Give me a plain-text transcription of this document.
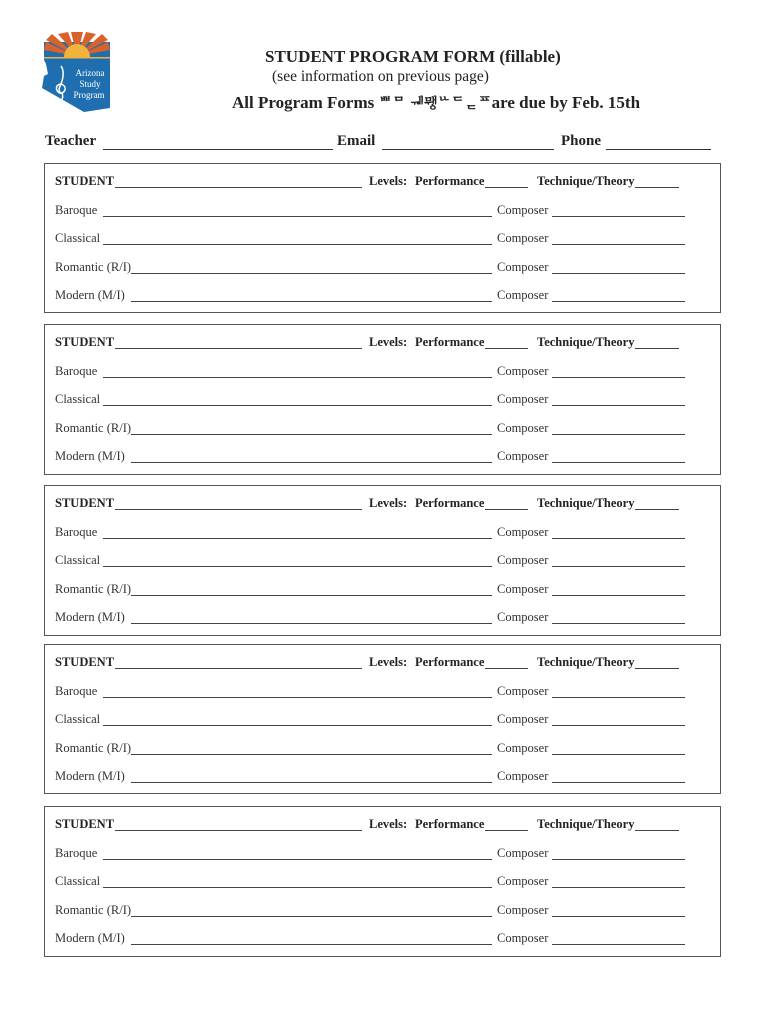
Arizona
Study
Program
STUDENT PROGRAM FORM (fillable)
(see information on previous page)
All Program Forms ᄈᄆ ᆌᄆᆊᇰᄔᄃᆮᄑare due by Feb. 15th
Teacher	Email	Phone
STUDENT	Levels: Performance	Technique/Theory
Baroque	Composer
Classical	Composer
Romantic (R/I)	Composer
Modern (M/I)	Composer
STUDENT	Levels: Performance	Technique/Theory
Baroque	Composer
Classical	Composer
Romantic (R/I)	Composer
Modern (M/I)	Composer
STUDENT	Levels: Performance	Technique/Theory
Baroque	Composer
Classical	Composer
Romantic (R/I)	Composer
Modern (M/I)	Composer
STUDENT	Levels: Performance	Technique/Theory
Baroque	Composer
Classical	Composer
Romantic (R/I)	Composer
Modern (M/I)	Composer
STUDENT	Levels: Performance	Technique/Theory
Baroque	Composer
Classical	Composer
Romantic (R/I)	Composer
Modern (M/I)	Composer
